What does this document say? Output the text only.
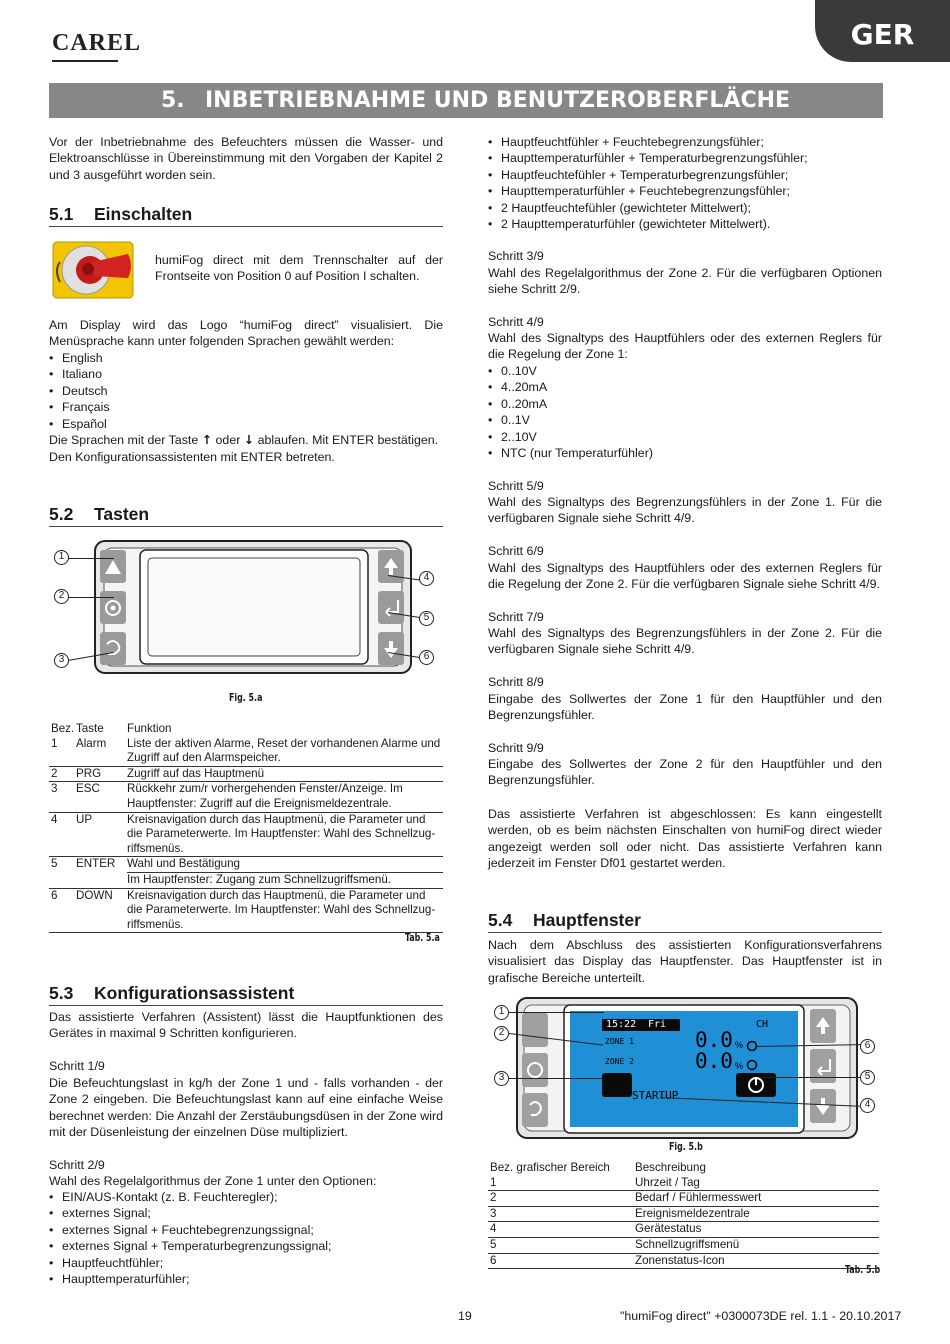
CAREL	GER
5. INBETRIEBNAHME UND BENUTZEROBERFLÄCHE
Vor der Inbetriebnahme des Befeuchters müssen die Wasser- und Elektroanschlüsse in Übereinstimmung mit den Vorgaben der Kapitel 2 und 3 ausgeführt worden sein.
5.1 Einschalten
humiFog direct mit dem Trennschalter auf der Frontseite von Position 0 auf Position I schalten.
Am Display wird das Logo “humiFog direct” visualisiert. Die Menüsprache kann unter folgenden Sprachen gewählt werden:
• English
• Italiano
• Deutsch
• Français
• Español
Die Sprachen mit der Taste ↑ oder ↓ ablaufen. Mit ENTER bestätigen.
Den Konfigurationsassistenten mit ENTER betreten.
5.2 Tasten
1
2
3
4
5
6
Fig. 5.a
Bez.	Taste	Funktion
1	Alarm	Liste der aktiven Alarme, Reset der vorhandenen Alarme und Zugriff auf den Alarmspeicher.
2	PRG	Zugriff auf das Hauptmenü
3	ESC	Rückkehr zum/r vorhergehenden Fenster/Anzeige. Im Hauptfenster: Zugriff auf die Ereignismeldezentrale.
4	UP	Kreisnavigation durch das Hauptmenü, die Parameter und die Parameterwerte. Im Hauptfenster: Wahl des Schnellzug-riffsmenüs.
5	ENTER	Wahl und Bestätigung
		Im Hauptfenster: Zugang zum Schnellzugriffsmenü.
6	DOWN	Kreisnavigation durch das Hauptmenü, die Parameter und die Parameterwerte. Im Hauptfenster: Wahl des Schnellzug-riffsmenüs.
Tab. 5.a
5.3 Konfigurationsassistent
Das assistierte Verfahren (Assistent) lässt die Hauptfunktionen des Gerätes in maximal 9 Schritten konfigurieren.
Schritt 1/9
Die Befeuchtungslast in kg/h der Zone 1 und - falls vorhanden - der Zone 2 eingeben. Die Befeuchtungslast kann auf eine einfache Weise berechnet werden: Die Anzahl der Zerstäubungsdüsen in der Zone wird mit der Düsenleistung der einzelnen Düse multipliziert.
Schritt 2/9
Wahl des Regelalgorithmus der Zone 1 unter den Optionen:
• EIN/AUS-Kontakt (z. B. Feuchteregler);
• externes Signal;
• externes Signal + Feuchtebegrenzungssignal;
• externes Signal + Temperaturbegrenzungssignal;
• Hauptfeuchtfühler;
• Haupttemperaturfühler;
• Hauptfeuchtfühler + Feuchtebegrenzungsfühler;
• Haupttemperaturfühler + Temperaturbegrenzungsfühler;
• Hauptfeuchtefühler + Temperaturbegrenzungsfühler;
• Haupttemperaturfühler + Feuchtebegrenzungsfühler;
• 2 Hauptfeuchtefühler (gewichteter Mittelwert);
• 2 Haupttemperaturfühler (gewichteter Mittelwert).
Schritt 3/9
Wahl des Regelalgorithmus der Zone 2. Für die verfügbaren Optionen siehe Schritt 2/9.
Schritt 4/9
Wahl des Signaltyps des Hauptfühlers oder des externen Reglers für die Regelung der Zone 1:
• 0..10V
• 4..20mA
• 0..20mA
• 0..1V
• 2..10V
• NTC (nur Temperaturfühler)
Schritt 5/9
Wahl des Signaltyps des Begrenzungsfühlers in der Zone 1. Für die verfügbaren Signale siehe Schritt 4/9.
Schritt 6/9
Wahl des Signaltyps des Hauptfühlers oder des externen Reglers für die Regelung der Zone 2. Für die verfügbaren Signale siehe Schritt 4/9.
Schritt 7/9
Wahl des Signaltyps des Begrenzungsfühlers in der Zone 2. Für die verfügbaren Signale siehe Schritt 4/9.
Schritt 8/9
Eingabe des Sollwertes der Zone 1 für den Hauptfühler und den Begrenzungsfühler.
Schritt 9/9
Eingabe des Sollwertes der Zone 2 für den Hauptfühler und den Begrenzungsfühler.
Das assistierte Verfahren ist abgeschlossen: Es kann eingestellt werden, ob es beim nächsten Einschalten von humiFog direct wieder angezeigt werden soll oder nicht. Das assistierte Verfahren kann jederzeit im Fenster Df01 gestartet werden.
5.4 Hauptfenster
Nach dem Abschluss des assistierten Konfigurationsverfahrens visualisiert das Display das Hauptfenster. Das Hauptfenster ist in grafische Bereiche unterteilt.
15:22 Fri	CH
ZONE 1
ZONE 2
0.0
0.0
%
%
STARTUP
1
2
3
6
5
4
Fig. 5.b
Bez. grafischer Bereich	Beschreibung
1	Uhrzeit / Tag
2	Bedarf / Fühlermesswert
3	Ereignismeldezentrale
4	Gerätestatus
5	Schnellzugriffsmenü
6	Zonenstatus-Icon
Tab. 5.b
19	"humiFog direct" +0300073DE rel. 1.1 - 20.10.2017
